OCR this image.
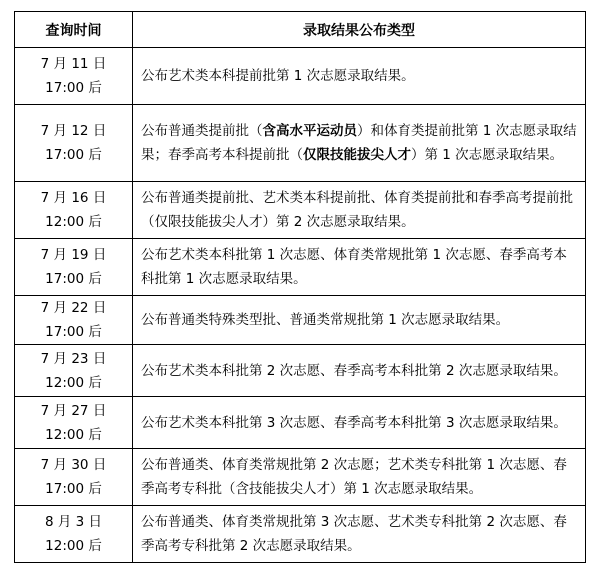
查询时间	录取结果公布类型

7 月 11 日
17:00 后	公布艺术类本科提前批第 1 次志愿录取结果。

7 月 12 日
17:00 后	公布普通类提前批（含高水平运动员）和体育类提前批第 1 次志愿录取结果；春季高考本科提前批（仅限技能拔尖人才）第 1 次志愿录取结果。

7 月 16 日
12:00 后	公布普通类提前批、艺术类本科提前批、体育类提前批和春季高考提前批（仅限技能拔尖人才）第 2 次志愿录取结果。

7 月 19 日
17:00 后	公布艺术类本科批第 1 次志愿、体育类常规批第 1 次志愿、春季高考本科批第 1 次志愿录取结果。

7 月 22 日
17:00 后	公布普通类特殊类型批、普通类常规批第 1 次志愿录取结果。

7 月 23 日
12:00 后	公布艺术类本科批第 2 次志愿、春季高考本科批第 2 次志愿录取结果。

7 月 27 日
12:00 后	公布艺术类本科批第 3 次志愿、春季高考本科批第 3 次志愿录取结果。

7 月 30 日
17:00 后	公布普通类、体育类常规批第 2 次志愿；艺术类专科批第 1 次志愿、春季高考专科批（含技能拔尖人才）第 1 次志愿录取结果。

8 月 3 日
12:00 后	公布普通类、体育类常规批第 3 次志愿、艺术类专科批第 2 次志愿、春季高考专科批第 2 次志愿录取结果。
